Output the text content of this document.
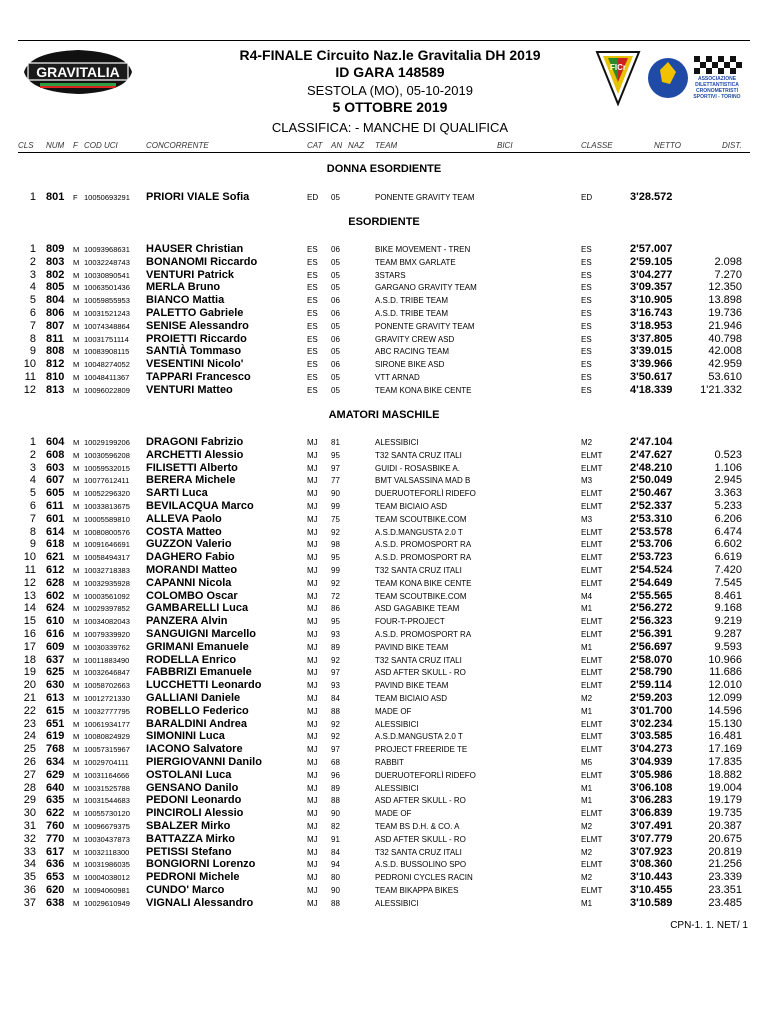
GRAVITALIA
R4-FINALE Circuito Naz.le Gravitalia DH 2019
ID GARA 148589
SESTOLA (MO), 05-10-2019
5 OTTOBRE 2019
CLASSIFICA: - MANCHE DI QUALIFICA
FICr
ASSOCIAZIONE DILETTANTISTICA CRONOMETRISTI SPORTIVI - TORINO
CLS NUM F COD UCI	CONCORRENTE	CAT AN NAZ TEAM	BICI	CLASSE	NETTO	DIST.
DONNA ESORDIENTE
1 801 F 10050693291 PRIORI VIALE Sofia	ED 05	PONENTE GRAVITY TEAM	ED	3'28.572
ESORDIENTE
1 809 M 10093968631 HAUSER Christian	ES 06	BIKE MOVEMENT - TREN	ES	2'57.007
2 803 M 10032248743 BONANOMI Riccardo	ES 05	TEAM BMX GARLATE	ES	2'59.105	2.098
3 802 M 10030890541 VENTURI Patrick	ES 05	3STARS	ES	3'04.277	7.270
4 805 M 10063501436 MERLA Bruno	ES 05	GARGANO GRAVITY TEAM	ES	3'09.357	12.350
5 804 M 10059855953 BIANCO Mattia	ES 06	A.S.D. TRIBE TEAM	ES	3'10.905	13.898
6 806 M 10031521243 PALETTO Gabriele	ES 06	A.S.D. TRIBE TEAM	ES	3'16.743	19.736
7 807 M 10074348864 SENISE Alessandro	ES 05	PONENTE GRAVITY TEAM	ES	3'18.953	21.946
8 811 M 10031751114 PROIETTI Riccardo	ES 06	GRAVITY CREW ASD	ES	3'37.805	40.798
9 808 M 10083908115 SANTIÀ Tommaso	ES 05	ABC RACING TEAM	ES	3'39.015	42.008
10 812 M 10048274052 VESENTINI Nicolo'	ES 06	SIRONE BIKE ASD	ES	3'39.966	42.959
11 810 M 10048411367 TAPPARI Francesco	ES 05	VTT ARNAD	ES	3'50.617	53.610
12 813 M 10096022809 VENTURI Matteo	ES 05	TEAM KONA BIKE CENTE	ES	4'18.339	1'21.332
AMATORI MASCHILE
1 604 M 10029199206 DRAGONI Fabrizio	MJ 81	ALESSIBICI	M2	2'47.104
2 608 M 10030596208 ARCHETTI Alessio	MJ 95	T32 SANTA CRUZ ITALI	ELMT	2'47.627	0.523
3 603 M 10059532015 FILISETTI Alberto	MJ 97	GUIDI - ROSASBIKE A.	ELMT	2'48.210	1.106
4 607 M 10077612411 BERERA Michele	MJ 77	BMT VALSASSINA MAD B	M3	2'50.049	2.945
5 605 M 10052296320 SARTI Luca	MJ 90	DUERUOTEFORLÌ RIDEFO	ELMT	2'50.467	3.363
6 611 M 10033813675 BEVILACQUA Marco	MJ 99	TEAM BICIAIO ASD	ELMT	2'52.337	5.233
7 601 M 10005589810 ALLEVA Paolo	MJ 75	TEAM SCOUTBIKE.COM	M3	2'53.310	6.206
8 614 M 10080800576 COSTA Matteo	MJ 92	A.S.D.MANGUSTA 2.0 T	ELMT	2'53.578	6.474
9 618 M 10091646691 GUZZON Valerio	MJ 98	A.S.D. PROMOSPORT RA	ELMT	2'53.706	6.602
10 621 M 10058494317 DAGHERO Fabio	MJ 95	A.S.D. PROMOSPORT RA	ELMT	2'53.723	6.619
11 612 M 10032718383 MORANDI Matteo	MJ 99	T32 SANTA CRUZ ITALI	ELMT	2'54.524	7.420
12 628 M 10032935928 CAPANNI Nicola	MJ 92	TEAM KONA BIKE CENTE	ELMT	2'54.649	7.545
13 602 M 10003561092 COLOMBO Oscar	MJ 72	TEAM SCOUTBIKE.COM	M4	2'55.565	8.461
14 624 M 10029397852 GAMBARELLI Luca	MJ 86	ASD GAGABIKE TEAM	M1	2'56.272	9.168
15 610 M 10034082043 PANZERA Alvin	MJ 95	FOUR-T-PROJECT	ELMT	2'56.323	9.219
16 616 M 10079339920 SANGUIGNI Marcello	MJ 93	A.S.D. PROMOSPORT RA	ELMT	2'56.391	9.287
17 609 M 10030339762 GRIMANI Emanuele	MJ 89	PAVIND BIKE TEAM	M1	2'56.697	9.593
18 637 M 10011883490 RODELLA Enrico	MJ 92	T32 SANTA CRUZ ITALI	ELMT	2'58.070	10.966
19 625 M 10032646847 FABBRIZI Emanuele	MJ 97	ASD AFTER SKULL - RO	ELMT	2'58.790	11.686
20 630 M 10058702663 LUCCHETTI Leonardo	MJ 93	PAVIND BIKE TEAM	ELMT	2'59.114	12.010
21 613 M 10012721330 GALLIANI Daniele	MJ 84	TEAM BICIAIO ASD	M2	2'59.203	12.099
22 615 M 10032777795 ROBELLO Federico	MJ 88	MADE OF	M1	3'01.700	14.596
23 651 M 10061934177 BARALDINI Andrea	MJ 92	ALESSIBICI	ELMT	3'02.234	15.130
24 619 M 10080824929 SIMONINI Luca	MJ 92	A.S.D.MANGUSTA 2.0 T	ELMT	3'03.585	16.481
25 768 M 10057315967 IACONO Salvatore	MJ 97	PROJECT FREERIDE TE	ELMT	3'04.273	17.169
26 634 M 10029704111 PIERGIOVANNI Danilo	MJ 68	RABBIT	M5	3'04.939	17.835
27 629 M 10031164666 OSTOLANI Luca	MJ 96	DUERUOTEFORLÌ RIDEFO	ELMT	3'05.986	18.882
28 640 M 10031525788 GENSANO Danilo	MJ 89	ALESSIBICI	M1	3'06.108	19.004
29 635 M 10031544683 PEDONI Leonardo	MJ 88	ASD AFTER SKULL - RO	M1	3'06.283	19.179
30 622 M 10055730120 PINCIROLI Alessio	MJ 90	MADE OF	ELMT	3'06.839	19.735
31 760 M 10096679375 SBALZER Mirko	MJ 82	TEAM BS D.H. & CO. A	M2	3'07.491	20.387
32 770 M 10030437873 BATTAZZA Mirko	MJ 91	ASD AFTER SKULL - RO	ELMT	3'07.779	20.675
33 617 M 10032118300 PETISSI Stefano	MJ 84	T32 SANTA CRUZ ITALI	M2	3'07.923	20.819
34 636 M 10031986035 BONGIORNI Lorenzo	MJ 94	A.S.D. BUSSOLINO SPO	ELMT	3'08.360	21.256
35 653 M 10004038012 PEDRONI Michele	MJ 80	PEDRONI CYCLES RACIN	M2	3'10.443	23.339
36 620 M 10094060981 CUNDO' Marco	MJ 90	TEAM BIKAPPA BIKES	ELMT	3'10.455	23.351
37 638 M 10029610949 VIGNALI Alessandro	MJ 88	ALESSIBICI	M1	3'10.589	23.485
CPN-1. 1. NET/ 1
